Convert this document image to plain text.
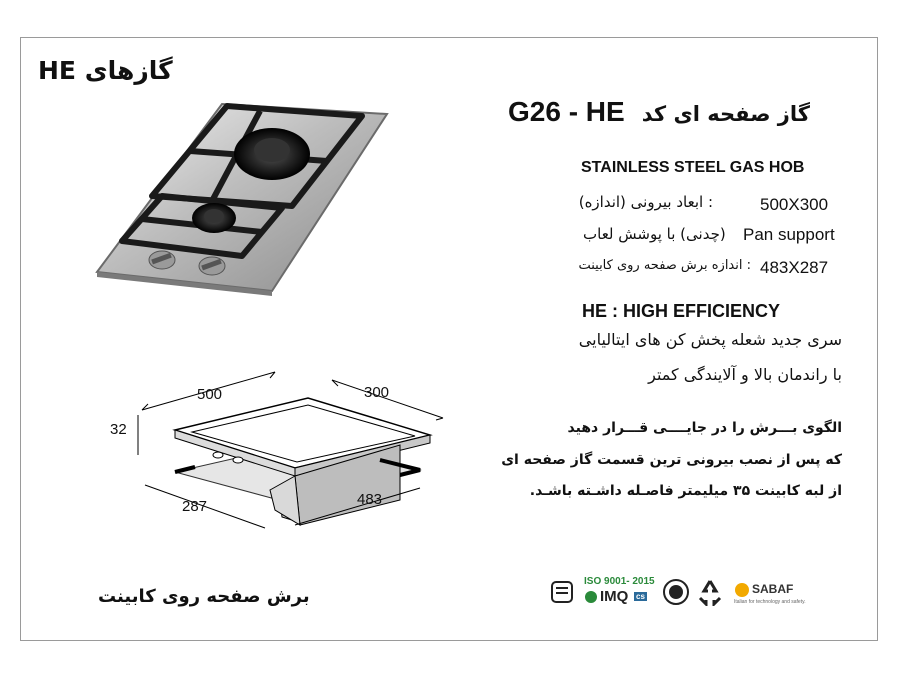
گازهای HE
گاز صفحه ای کد G26 - HE
STAINLESS STEEL GAS HOB
: ابعاد بیرونی (اندازه)	500X300
(چدنی) با پوشش لعاب	Pan support
: اندازه برش صفحه روی کابینت 483X287
HE : HIGH EFFICIENCY
سری جدید شعله پخش کن های ایتالیایی
با راندمان بالا و آلایندگی کمتر
الگوی بـــرش را در جایــــی قـــرار دهید
که پس از نصب بیرونی ترین قسمت گاز صفحه ای
از لبه کابینت ۳۵ میلیمتر فاصـله داشـته باشـد.
500	300
32
287	483
برش صفحه روی کابینت
ISO 9001- 2015
IMQ cs
SABAF
Italian for technology and safety.
